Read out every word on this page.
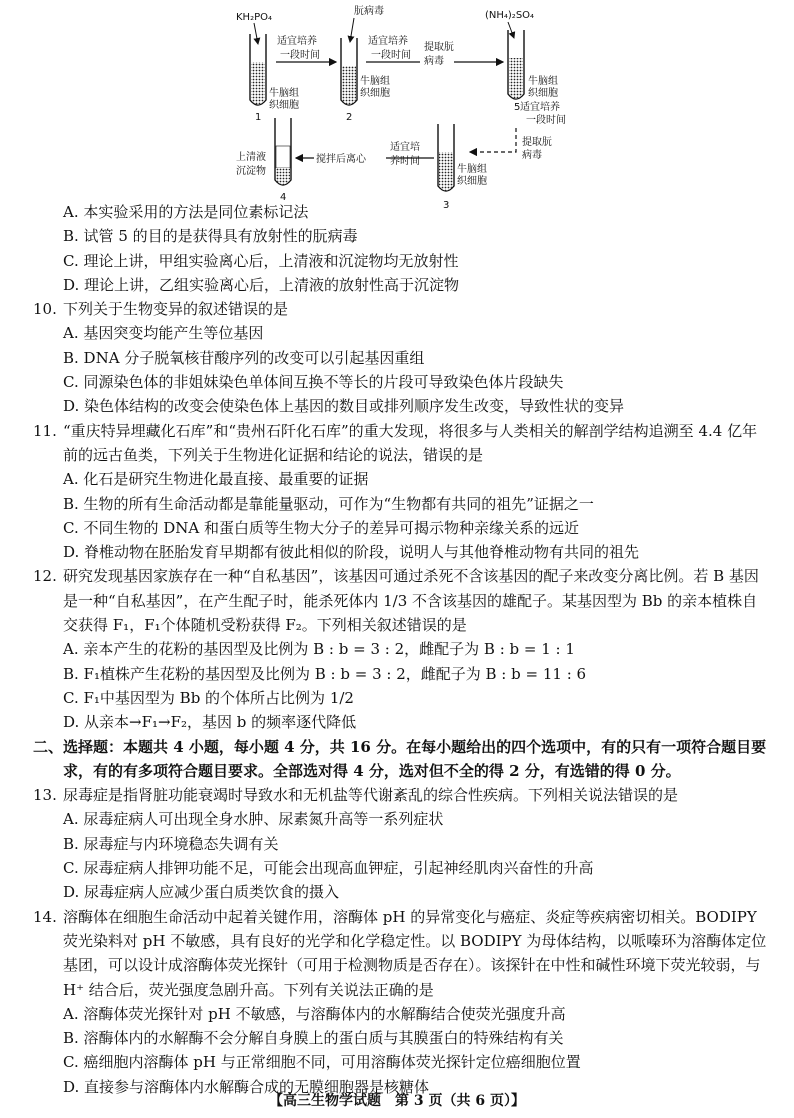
KH₂PO₄
牛脑组
织细胞
1
适宜培养
一段时间
朊病毒
牛脑组
织细胞
2
适宜培养
一段时间
提取朊
病毒
(NH₄)₂SO₄
牛脑组
织细胞
5 适宜培养
一段时间
提取朊
病毒
牛脑组
织细胞
3
适宜培
养时间
搅拌后离心
上清液
沉淀物
4

A. 本实验采用的方法是同位素标记法

B. 试管 5 的目的是获得具有放射性的朊病毒

C. 理论上讲，甲组实验离心后，上清液和沉淀物均无放射性

D. 理论上讲，乙组实验离心后，上清液的放射性高于沉淀物

10. 下列关于生物变异的叙述错误的是

A. 基因突变均能产生等位基因

B. DNA 分子脱氧核苷酸序列的改变可以引起基因重组

C. 同源染色体的非姐妹染色单体间互换不等长的片段可导致染色体片段缺失

D. 染色体结构的改变会使染色体上基因的数目或排列顺序发生改变，导致性状的变异

11. “重庆特异埋藏化石库”和“贵州石阡化石库”的重大发现，将很多与人类相关的解剖学结构追溯至 4.4 亿年前的远古鱼类，下列关于生物进化证据和结论的说法，错误的是

A. 化石是研究生物进化最直接、最重要的证据

B. 生物的所有生命活动都是靠能量驱动，可作为“生物都有共同的祖先”证据之一

C. 不同生物的 DNA 和蛋白质等生物大分子的差异可揭示物种亲缘关系的远近

D. 脊椎动物在胚胎发育早期都有彼此相似的阶段，说明人与其他脊椎动物有共同的祖先

12. 研究发现基因家族存在一种“自私基因”，该基因可通过杀死不含该基因的配子来改变分离比例。若 B 基因是一种“自私基因”，在产生配子时，能杀死体内 1/3 不含该基因的雄配子。某基因型为 Bb 的亲本植株自交获得 F₁，F₁个体随机受粉获得 F₂。下列相关叙述错误的是

A. 亲本产生的花粉的基因型及比例为 B : b = 3 : 2，雌配子为 B : b = 1 : 1

B. F₁植株产生花粉的基因型及比例为 B : b = 3 : 2，雌配子为 B : b = 11 : 6

C. F₁中基因型为 Bb 的个体所占比例为 1/2

D. 从亲本→F₁→F₂，基因 b 的频率逐代降低

二、选择题：本题共 4 小题，每小题 4 分，共 16 分。在每小题给出的四个选项中，有的只有一项符合题目要求，有的有多项符合题目要求。全部选对得 4 分，选对但不全的得 2 分，有选错的得 0 分。

13. 尿毒症是指肾脏功能衰竭时导致水和无机盐等代谢紊乱的综合性疾病。下列相关说法错误的是

A. 尿毒症病人可出现全身水肿、尿素氮升高等一系列症状

B. 尿毒症与内环境稳态失调有关

C. 尿毒症病人排钾功能不足，可能会出现高血钾症，引起神经肌肉兴奋性的升高

D. 尿毒症病人应减少蛋白质类饮食的摄入

14. 溶酶体在细胞生命活动中起着关键作用，溶酶体 pH 的异常变化与癌症、炎症等疾病密切相关。BODIPY 荧光染料对 pH 不敏感，具有良好的光学和化学稳定性。以 BODIPY 为母体结构，以哌嗪环为溶酶体定位基团，可以设计成溶酶体荧光探针（可用于检测物质是否存在）。该探针在中性和碱性环境下荧光较弱，与 H⁺ 结合后，荧光强度急剧升高。下列有关说法正确的是

A. 溶酶体荧光探针对 pH 不敏感，与溶酶体内的水解酶结合使荧光强度升高

B. 溶酶体内的水解酶不会分解自身膜上的蛋白质与其膜蛋白的特殊结构有关

C. 癌细胞内溶酶体 pH 与正常细胞不同，可用溶酶体荧光探针定位癌细胞位置

D. 直接参与溶酶体内水解酶合成的无膜细胞器是核糖体

【高三生物学试题　第 3 页（共 6 页）】
